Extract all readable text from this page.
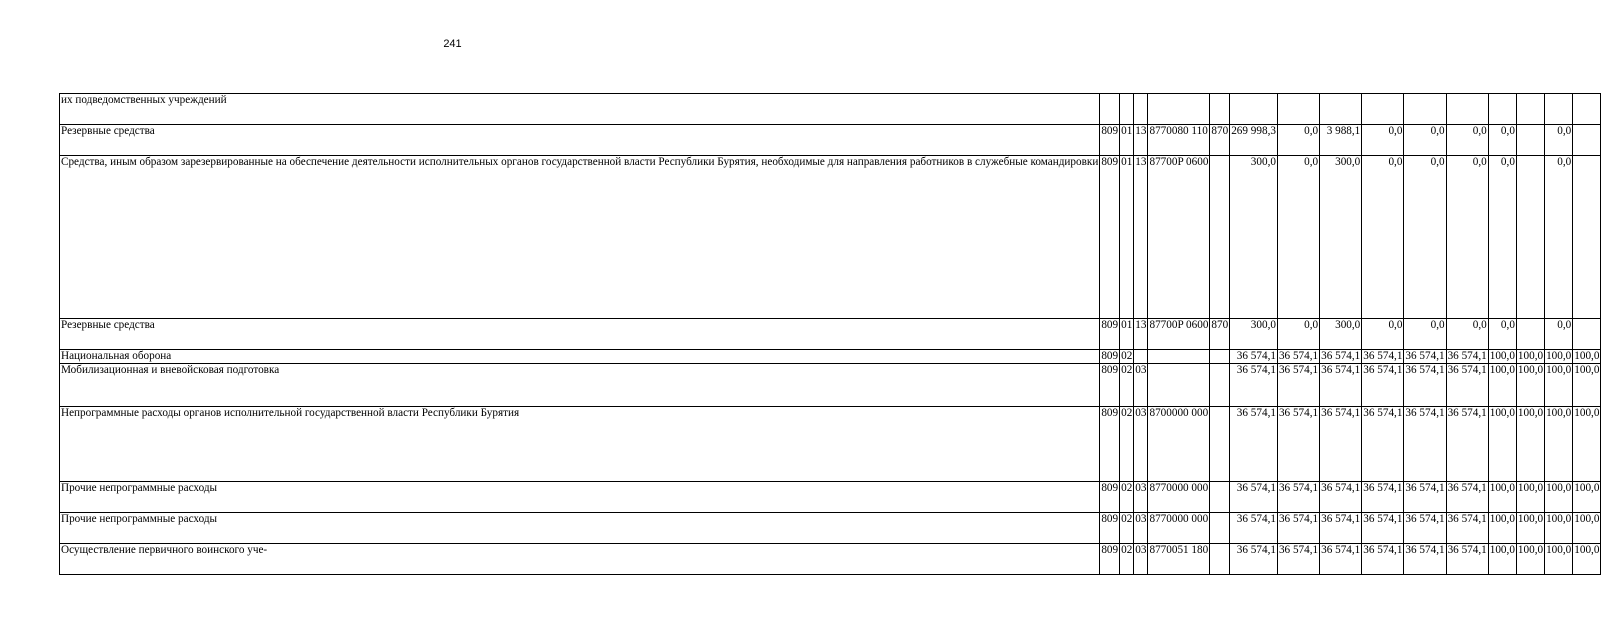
241
их подведомственных учреждений															
Резервные средства	809	01	13	8770080 110	870	269 998,3	0,0	3 988,1	0,0	0,0	0,0	0,0		0,0	
Средства, иным образом зарезервированные на обеспечение деятельности исполнительных органов государственной власти Республики Бурятия, необходимые для направления работников в служебные командировки	809	01	13	87700P 0600		300,0	0,0	300,0	0,0	0,0	0,0	0,0		0,0	
Резервные средства	809	01	13	87700P 0600	870	300,0	0,0	300,0	0,0	0,0	0,0	0,0		0,0	
Национальная оборона	809	02				36 574,1	36 574,1	36 574,1	36 574,1	36 574,1	36 574,1	100,0	100,0	100,0	100,0
Мобилизационная и вневойсковая подготовка	809	02	03			36 574,1	36 574,1	36 574,1	36 574,1	36 574,1	36 574,1	100,0	100,0	100,0	100,0
Непрограммные расходы органов исполнительной государственной власти Республики Бурятия	809	02	03	8700000 000		36 574,1	36 574,1	36 574,1	36 574,1	36 574,1	36 574,1	100,0	100,0	100,0	100,0
Прочие непрограммные расходы	809	02	03	8770000 000		36 574,1	36 574,1	36 574,1	36 574,1	36 574,1	36 574,1	100,0	100,0	100,0	100,0
Прочие непрограммные расходы	809	02	03	8770000 000		36 574,1	36 574,1	36 574,1	36 574,1	36 574,1	36 574,1	100,0	100,0	100,0	100,0
Осуществление первичного воинского уче-	809	02	03	8770051 180		36 574,1	36 574,1	36 574,1	36 574,1	36 574,1	36 574,1	100,0	100,0	100,0	100,0
